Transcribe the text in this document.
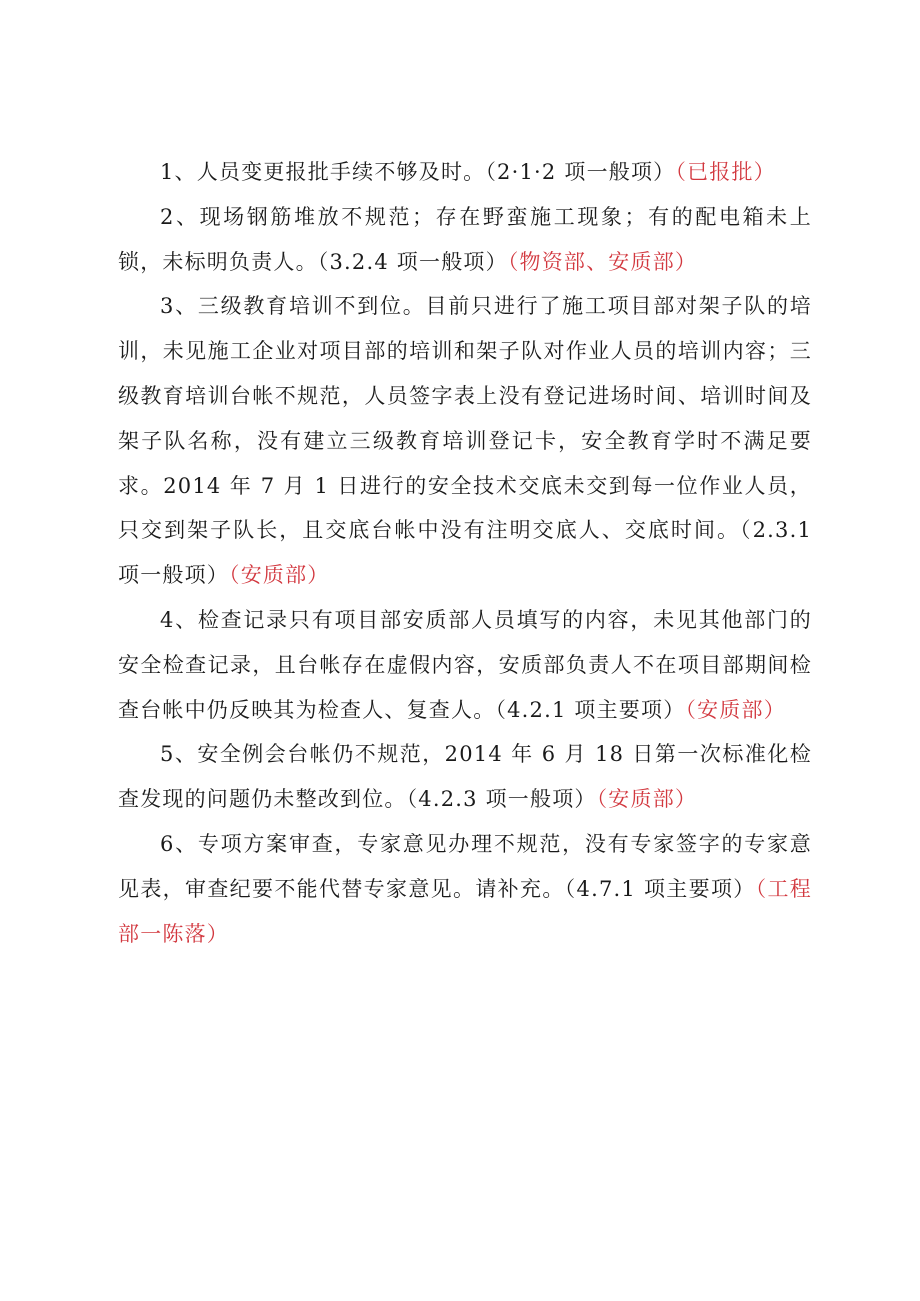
1、人员变更报批手续不够及时。（2·1·2 项一般项）（已报批）

2、现场钢筋堆放不规范；存在野蛮施工现象；有的配电箱未上锁，未标明负责人。（3.2.4 项一般项）（物资部、安质部）

3、三级教育培训不到位。目前只进行了施工项目部对架子队的培训，未见施工企业对项目部的培训和架子队对作业人员的培训内容；三级教育培训台帐不规范，人员签字表上没有登记进场时间、培训时间及架子队名称，没有建立三级教育培训登记卡，安全教育学时不满足要求。2014 年 7 月 1 日进行的安全技术交底未交到每一位作业人员，只交到架子队长，且交底台帐中没有注明交底人、交底时间。（2.3.1 项一般项）（安质部）

4、检查记录只有项目部安质部人员填写的内容，未见其他部门的安全检查记录，且台帐存在虚假内容，安质部负责人不在项目部期间检查台帐中仍反映其为检查人、复查人。（4.2.1 项主要项）（安质部）

5、安全例会台帐仍不规范，2014 年 6 月 18 日第一次标准化检查发现的问题仍未整改到位。（4.2.3 项一般项）（安质部）

6、专项方案审查，专家意见办理不规范，没有专家签字的专家意见表，审查纪要不能代替专家意见。请补充。（4.7.1 项主要项）（工程部一陈落）
